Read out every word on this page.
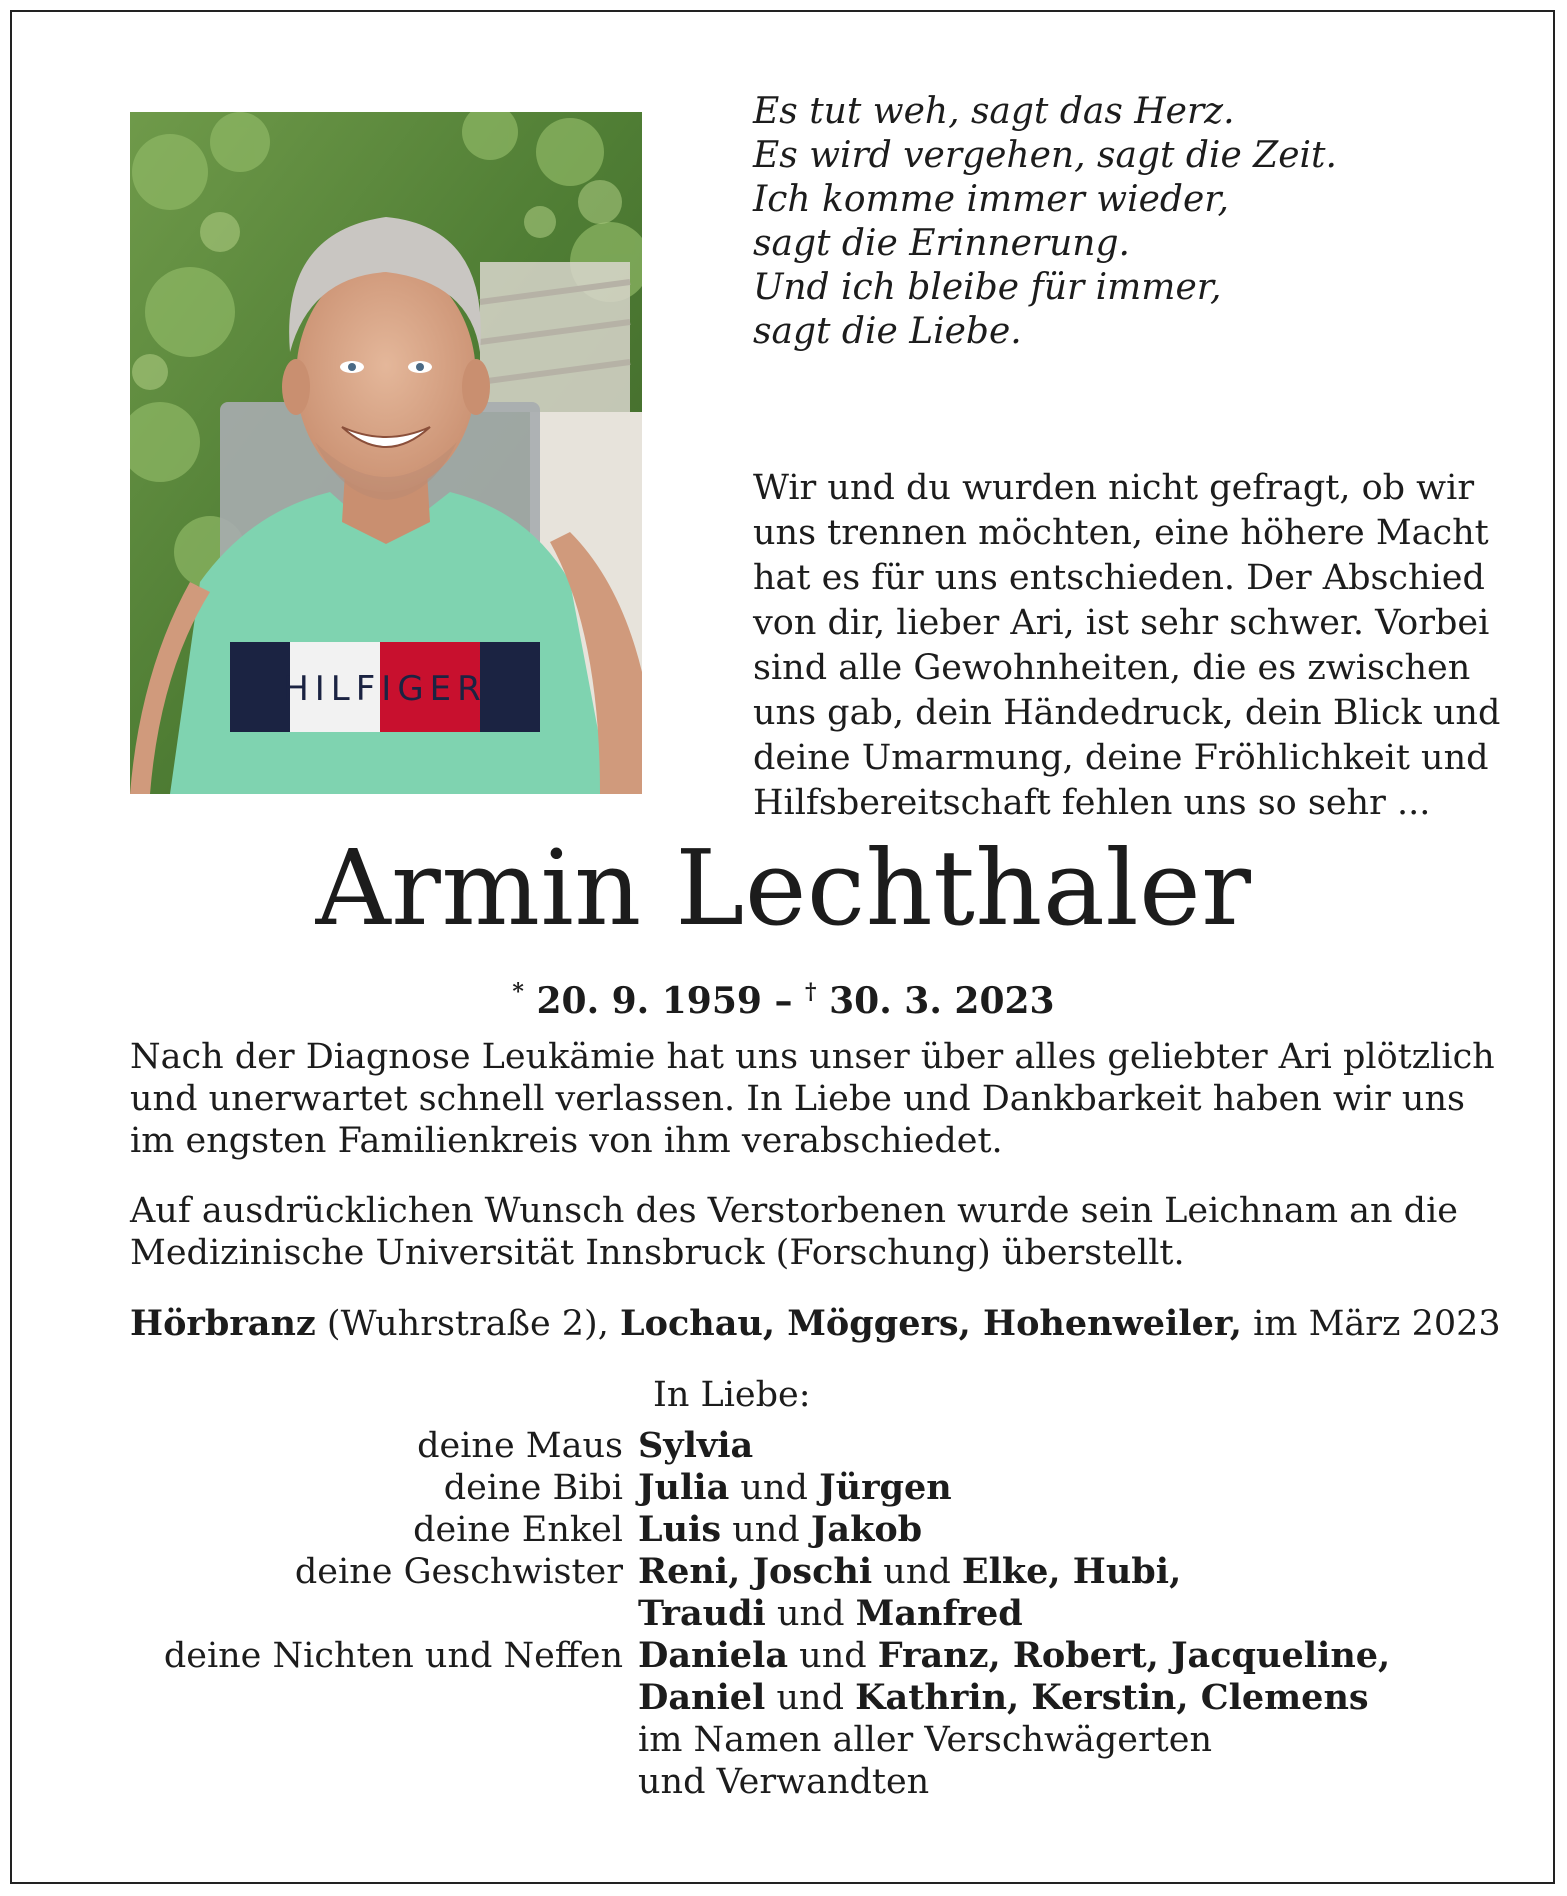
HILFIGER
Es tut weh, sagt das Herz.
Es wird vergehen, sagt die Zeit.
Ich komme immer wieder,
sagt die Erinnerung.
Und ich bleibe für immer,
sagt die Liebe.
Wir und du wurden nicht gefragt, ob wir
uns trennen möchten, eine höhere Macht
hat es für uns entschieden. Der Abschied
von dir, lieber Ari, ist sehr schwer. Vorbei
sind alle Gewohnheiten, die es zwischen
uns gab, dein Händedruck, dein Blick und
deine Umarmung, deine Fröhlichkeit und
Hilfsbereitschaft fehlen uns so sehr ...
Armin Lechthaler
* 20. 9. 1959 – † 30. 3. 2023
Nach der Diagnose Leukämie hat uns unser über alles geliebter Ari plötzlich
und unerwartet schnell verlassen. In Liebe und Dankbarkeit haben wir uns
im engsten Familienkreis von ihm verabschiedet.
Auf ausdrücklichen Wunsch des Verstorbenen wurde sein Leichnam an die
Medizinische Universität Innsbruck (Forschung) überstellt.
Hörbranz (Wuhrstraße 2), Lochau, Möggers, Hohenweiler, im März 2023
In Liebe:
deine Maus Sylvia
deine Bibi Julia und Jürgen
deine Enkel Luis und Jakob
deine Geschwister Reni, Joschi und Elke, Hubi,
Traudi und Manfred
deine Nichten und Neffen Daniela und Franz, Robert, Jacqueline,
Daniel und Kathrin, Kerstin, Clemens
im Namen aller Verschwägerten
und Verwandten
